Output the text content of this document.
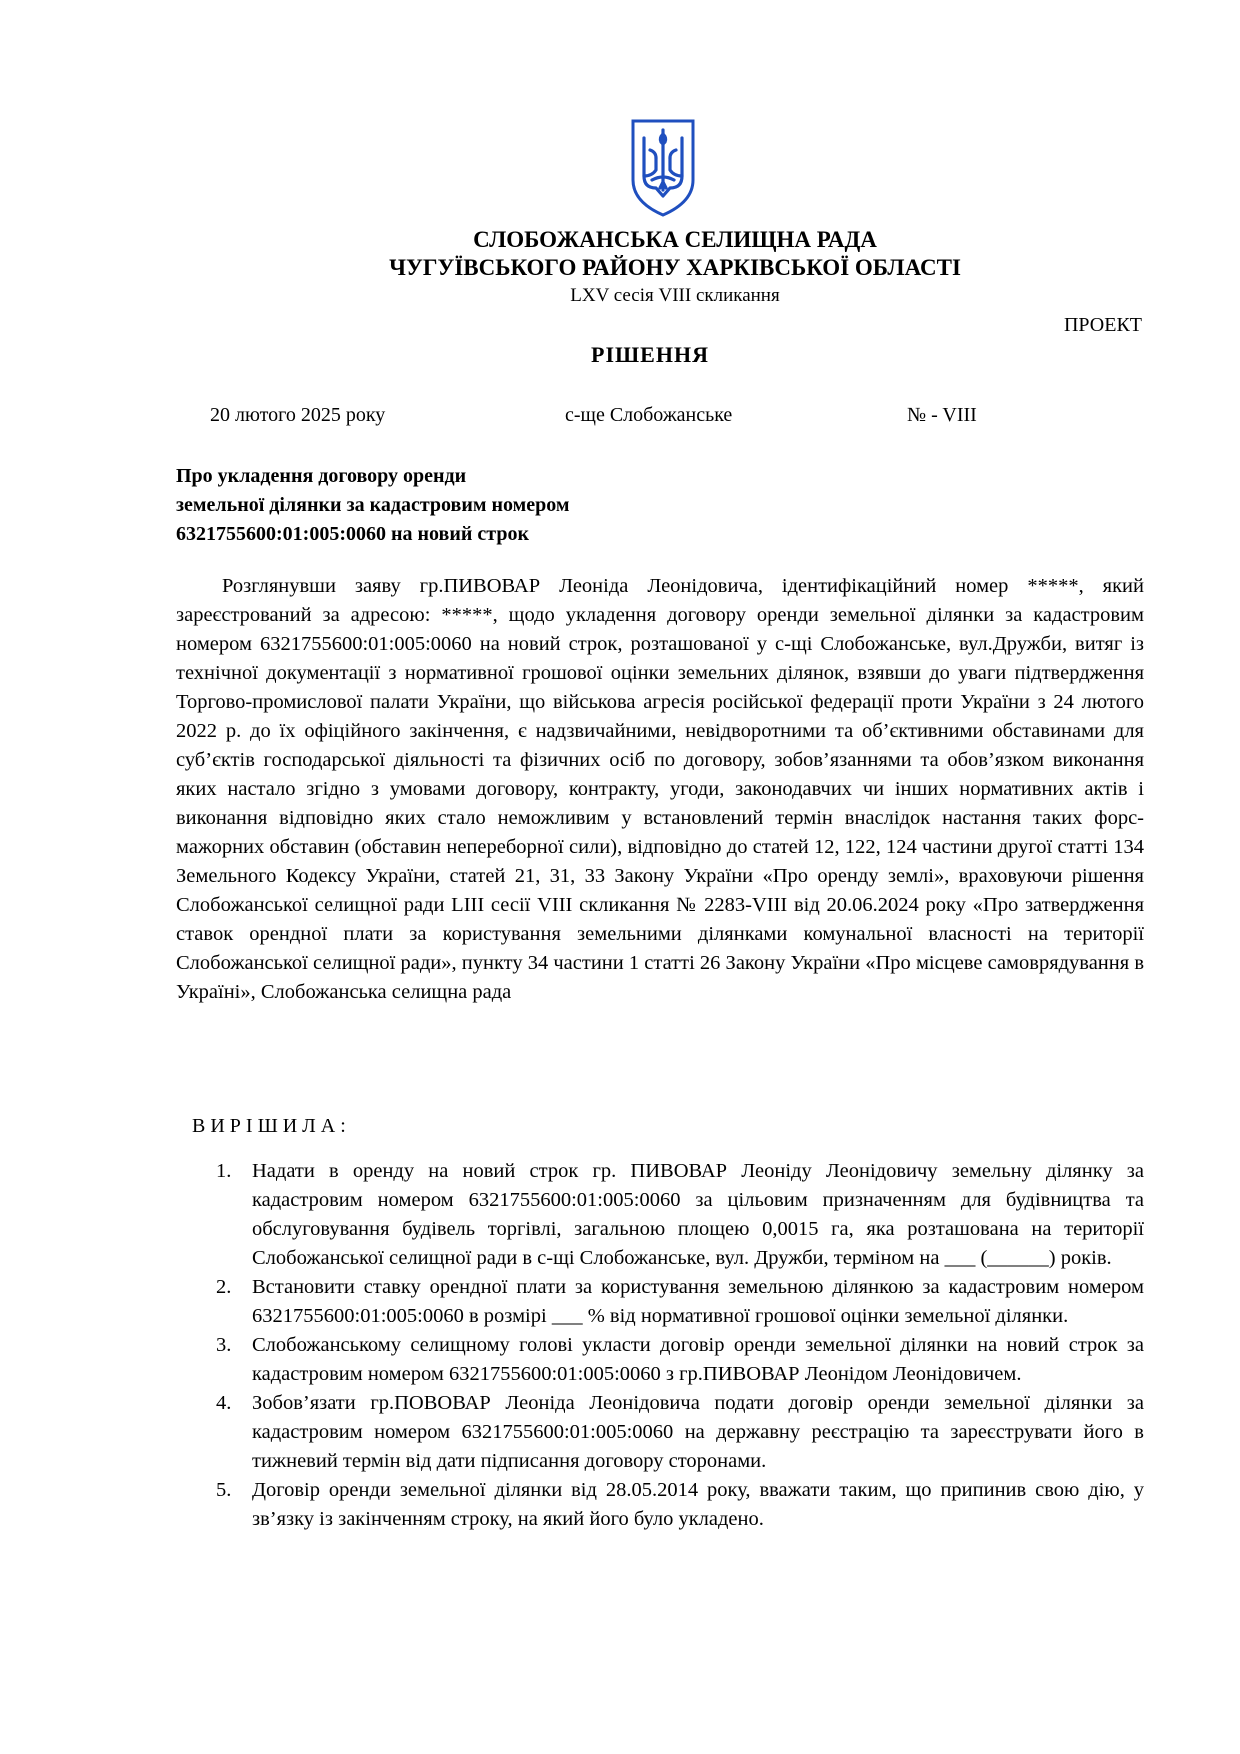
СЛОБОЖАНСЬКА СЕЛИЩНА РАДА
ЧУГУЇВСЬКОГО РАЙОНУ ХАРКІВСЬКОЇ ОБЛАСТІ
LXV сесія VIII скликання
ПРОЕКТ
РІШЕННЯ
20 лютого 2025 року	с-ще Слобожанське	№ - VIII
Про укладення договору оренди
земельної ділянки за кадастровим номером
6321755600:01:005:0060 на новий строк

Розглянувши заяву гр.ПИВОВАР Леоніда Леонідовича, ідентифікаційний номер *****, який зареєстрований за адресою: *****, щодо укладення договору оренди земельної ділянки за кадастровим номером 6321755600:01:005:0060 на новий строк, розташованої у с-щі Слобожанське, вул.Дружби, витяг із технічної документації з нормативної грошової оцінки земельних ділянок, взявши до уваги підтвердження Торгово-промислової палати України, що військова агресія російської федерації проти України з 24 лютого 2022 р. до їх офіційного закінчення, є надзвичайними, невідворотними та об’єктивними обставинами для суб’єктів господарської діяльності та фізичних осіб по договору, зобов’язаннями та обов’язком виконання яких настало згідно з умовами договору, контракту, угоди, законодавчих чи інших нормативних актів і виконання відповідно яких стало неможливим у встановлений термін внаслідок настання таких форс-мажорних обставин (обставин непереборної сили), відповідно до статей 12, 122, 124 частини другої статті 134 Земельного Кодексу України, статей 21, 31, 33 Закону України «Про оренду землі», враховуючи рішення Слобожанської селищної ради LIII сесії VIII скликання № 2283-VIII від 20.06.2024 року «Про затвердження ставок орендної плати за користування земельними ділянками комунальної власності на території Слобожанської селищної ради», пункту 34 частини 1 статті 26 Закону України «Про місцеве самоврядування в Україні», Слобожанська селищна рада

ВИРІШИЛА:
1. Надати в оренду на новий строк гр. ПИВОВАР Леоніду Леонідовичу земельну ділянку за кадастровим номером 6321755600:01:005:0060 за цільовим призначенням для будівництва та обслуговування будівель торгівлі, загальною площею 0,0015 га, яка розташована на території Слобожанської селищної ради в с-щі Слобожанське, вул. Дружби, терміном на ___ (______) років.
2. Встановити ставку орендної плати за користування земельною ділянкою за кадастровим номером 6321755600:01:005:0060 в розмірі ___ % від нормативної грошової оцінки земельної ділянки.
3. Слобожанському селищному голові укласти договір оренди земельної ділянки на новий строк за кадастровим номером 6321755600:01:005:0060 з гр.ПИВОВАР Леонідом Леонідовичем.
4. Зобов’язати гр.ПОВОВАР Леоніда Леонідовича подати договір оренди земельної ділянки за кадастровим номером 6321755600:01:005:0060 на державну реєстрацію та зареєструвати його в тижневий термін від дати підписання договору сторонами.
5. Договір оренди земельної ділянки від 28.05.2014 року, вважати таким, що припинив свою дію, у зв’язку із закінченням строку, на який його було укладено.
